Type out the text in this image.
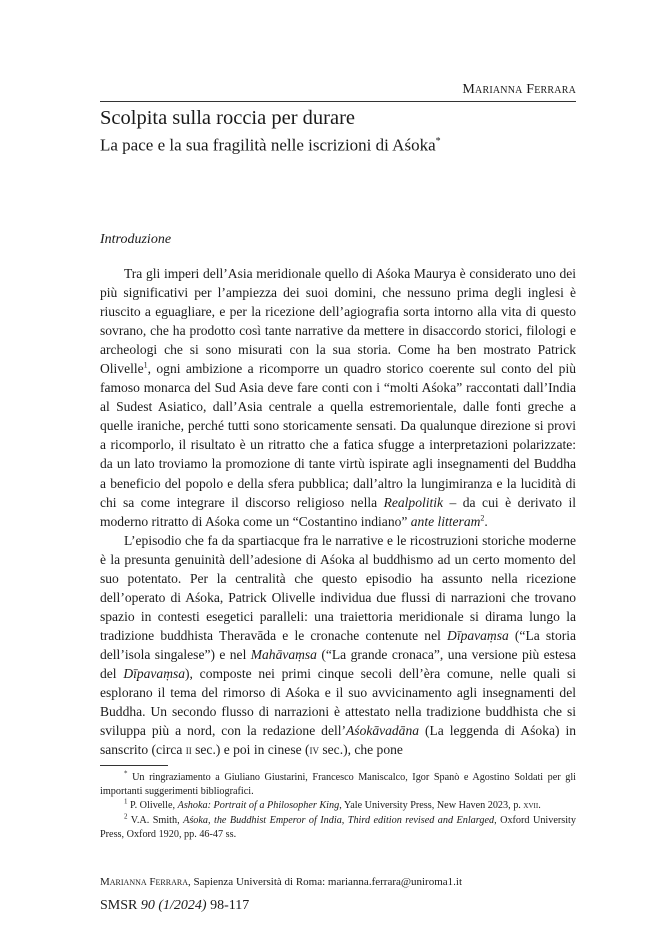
Marianna Ferrara
Scolpita sulla roccia per durare
La pace e la sua fragilità nelle iscrizioni di Aśoka*
Introduzione

Tra gli imperi dell’Asia meridionale quello di Aśoka Maurya è considerato uno dei più significativi per l’ampiezza dei suoi domini, che nessuno prima degli inglesi è riuscito a eguagliare, e per la ricezione dell’agiografia sorta intorno alla vita di questo sovrano, che ha prodotto così tante narrative da mettere in disaccordo storici, filologi e archeologi che si sono misurati con la sua storia. Come ha ben mostrato Patrick Olivelle$^1$, ogni ambizione a ricomporre un quadro storico coerente sul conto del più famoso monarca del Sud Asia deve fare conti con i “molti Aśoka” raccontati dall’India al Sudest Asiatico, dall’Asia centrale a quella estremorientale, dalle fonti greche a quelle iraniche, perché tutti sono storicamente sensati. Da qualunque direzione si provi a ricomporlo, il risultato è un ritratto che a fatica sfugge a interpretazioni polarizzate: da un lato troviamo la promozione di tante virtù ispirate agli insegnamenti del Buddha a beneficio del popolo e della sfera pubblica; dall’altro la lungimiranza e la lucidità di chi sa come integrare il discorso religioso nella Realpolitik – da cui è derivato il moderno ritratto di Aśoka come un “Costantino indiano” ante litteram$^2$.

L’episodio che fa da spartiacque fra le narrative e le ricostruzioni storiche moderne è la presunta genuinità dell’adesione di Aśoka al buddhismo ad un certo momento del suo potentato. Per la centralità che questo episodio ha assunto nella ricezione dell’operato di Aśoka, Patrick Olivelle individua due flussi di narrazioni che trovano spazio in contesti esegetici paralleli: una traiettoria meridionale si dirama lungo la tradizione buddhista Theravāda e le cronache contenute nel Dīpavaṃsa (“La storia dell’isola singalese”) e nel Mahāvaṃsa (“La grande cronaca”, una versione più estesa del Dīpavaṃsa), composte nei primi cinque secoli dell’èra comune, nelle quali si esplorano il tema del rimorso di Aśoka e il suo avvicinamento agli insegnamenti del Buddha. Un secondo flusso di narrazioni è attestato nella tradizione buddhista che si sviluppa più a nord, con la redazione dell’Aśokāvadāna (La leggenda di Aśoka) in sanscrito (circa ii sec.) e poi in cinese (iv sec.), che pone

* Un ringraziamento a Giuliano Giustarini, Francesco Maniscalco, Igor Spanò e Agostino Soldati per gli importanti suggerimenti bibliografici.

$^1$ P. Olivelle, Ashoka: Portrait of a Philosopher King, Yale University Press, New Haven 2023, p. xvii.

$^2$ V.A. Smith, Aśoka, the Buddhist Emperor of India, Third edition revised and Enlarged, Oxford University Press, Oxford 1920, pp. 46-47 ss.

Marianna Ferrara, Sapienza Università di Roma: marianna.ferrara@uniroma1.it
SMSR 90 (1/2024) 98-117
